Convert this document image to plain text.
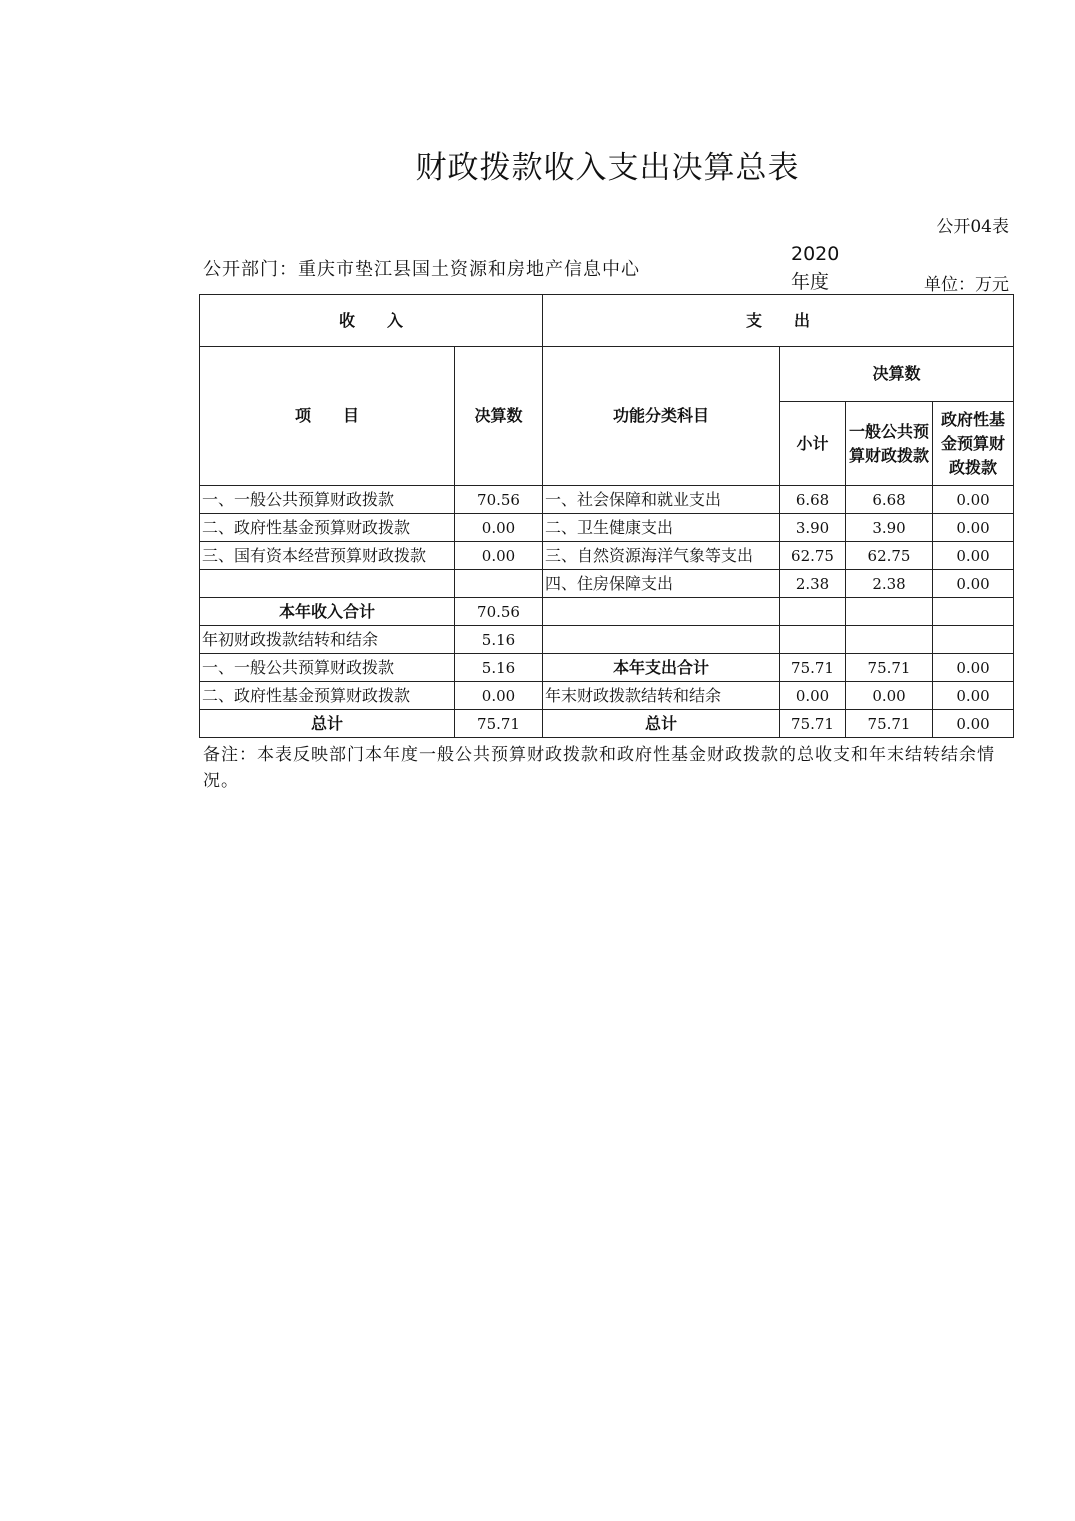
财政拨款收入支出决算总表
公开04表
公开部门：重庆市垫江县国土资源和房地产信息中心
2020
年度	单位：万元
收　　入		支　　出			
项　　目	决算数	功能分类科目	决算数		
			小计	一般公共预算财政拨款	政府性基金预算财政拨款
一、一般公共预算财政拨款	70.56	一、社会保障和就业支出	6.68	6.68	0.00
二、政府性基金预算财政拨款	0.00	二、卫生健康支出	3.90	3.90	0.00
三、国有资本经营预算财政拨款	0.00	三、自然资源海洋气象等支出	62.75	62.75	0.00
		四、住房保障支出	2.38	2.38	0.00
本年收入合计	70.56				
年初财政拨款结转和结余	5.16				
一、一般公共预算财政拨款	5.16	本年支出合计	75.71	75.71	0.00
二、政府性基金预算财政拨款	0.00	年末财政拨款结转和结余	0.00	0.00	0.00
总计	75.71	总计	75.71	75.71	0.00
备注：本表反映部门本年度一般公共预算财政拨款和政府性基金财政拨款的总收支和年末结转结余情况。
